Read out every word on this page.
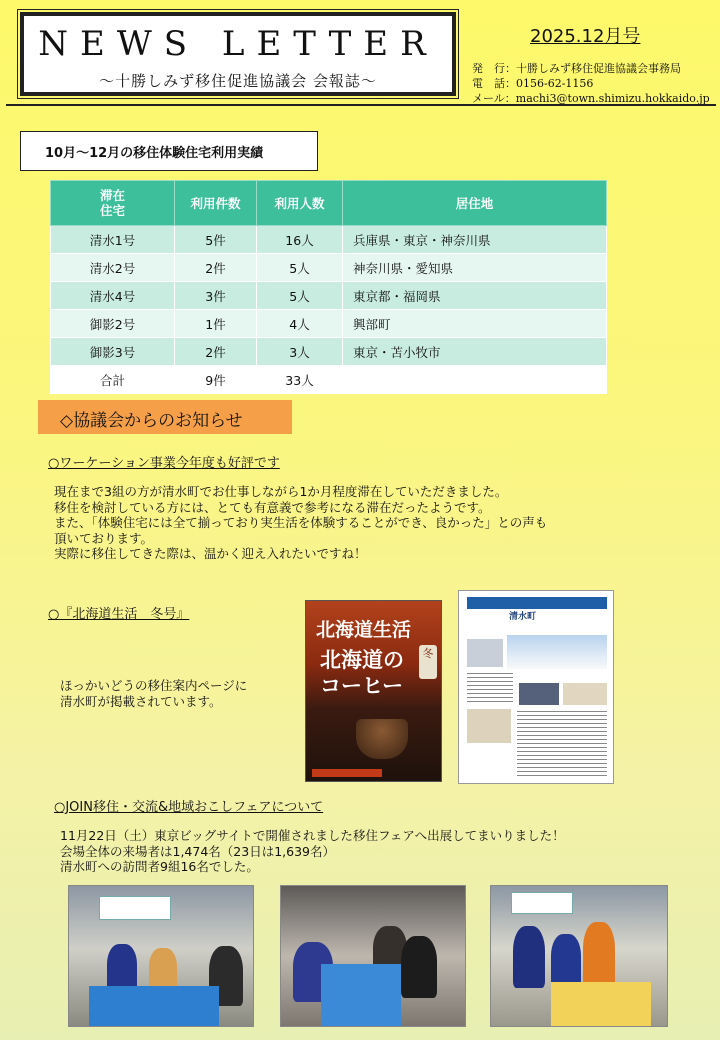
NEWS LETTER
〜十勝しみず移住促進協議会 会報誌〜
2025.12月号
発　行：十勝しみず移住促進協議会事務局
電　話：0156-62-1156
メール：machi3@town.shimizu.hokkaido.jp
10月〜12月の移住体験住宅利用実績
滞在
住宅	利用件数	利用人数	居住地
清水1号	5件	16人	兵庫県・東京・神奈川県
清水2号	2件	5人	神奈川県・愛知県
清水4号	3件	5人	東京都・福岡県
御影2号	1件	4人	興部町
御影3号	2件	3人	東京・苫小牧市
合計	9件	33人	
◇協議会からのお知らせ
○ワーケーション事業今年度も好評です
現在まで3組の方が清水町でお仕事しながら1か月程度滞在していただきました。
移住を検討している方には、とても有意義で参考になる滞在だったようです。
また、「体験住宅には全て揃っており実生活を体験することができ、良かった」との声も
頂いております。
実際に移住してきた際は、温かく迎え入れたいですね！
○『北海道生活　冬号』
ほっかいどうの移住案内ページに
清水町が掲載されています。
北海道生活
北海道の
コーヒー
冬
清水町
○JOIN移住・交流&地域おこしフェアについて
11月22日（土）東京ビッグサイトで開催されました移住フェアへ出展してまいりました！
会場全体の来場者は1,474名（23日は1,639名）
清水町への訪問者9組16名でした。
